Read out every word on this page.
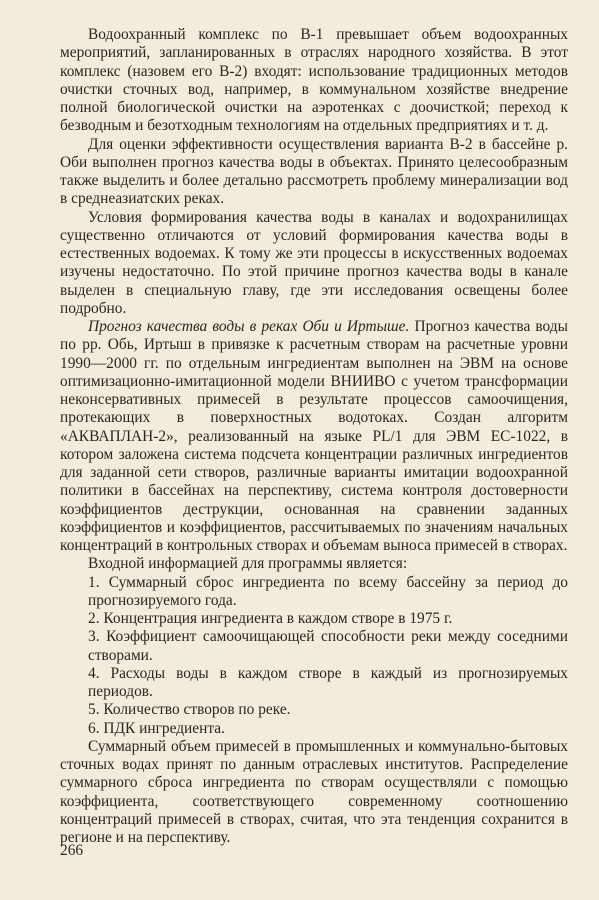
Водоохранный комплекс по В-1 превышает объем водоохранных мероприятий, запланированных в отраслях народного хозяйства. В этот комплекс (назовем его В-2) входят: использование традиционных методов очистки сточных вод, например, в коммунальном хозяйстве внедрение полной биологической очистки на аэротенках с доочисткой; переход к безводным и безотходным технологиям на отдельных предприятиях и т. д.

Для оценки эффективности осуществления варианта В-2 в бассейне р. Оби выполнен прогноз качества воды в объектах. Принято целесообразным также выделить и более детально рассмотреть проблему минерализации вод в среднеазиатских реках.

Условия формирования качества воды в каналах и водохранилищах существенно отличаются от условий формирования качества воды в естественных водоемах. К тому же эти процессы в искусственных водоемах изучены недостаточно. По этой причине прогноз качества воды в канале выделен в специальную главу, где эти исследования освещены более подробно.

Прогноз качества воды в реках Оби и Иртыше. Прогноз качества воды по рр. Обь, Иртыш в привязке к расчетным створам на расчетные уровни 1990—2000 гг. по отдельным ингредиентам выполнен на ЭВМ на основе оптимизационно-имитационной модели ВНИИВО с учетом трансформации неконсервативных примесей в результате процессов самоочищения, протекающих в поверхностных водотоках. Создан алгоритм «АКВАПЛАН-2», реализованный на языке PL/1 для ЭВМ ЕС-1022, в котором заложена система подсчета концентрации различных ингредиентов для заданной сети створов, различные варианты имитации водоохранной политики в бассейнах на перспективу, система контроля достоверности коэффициентов деструкции, основанная на сравнении заданных коэффициентов и коэффициентов, рассчитываемых по значениям начальных концентраций в контрольных створах и объемам выноса примесей в створах.

Входной информацией для программы является:

1. Суммарный сброс ингредиента по всему бассейну за период до прогнозируемого года.

2. Концентрация ингредиента в каждом створе в 1975 г.

3. Коэффициент самоочищающей способности реки между соседними створами.

4. Расходы воды в каждом створе в каждый из прогнозируемых периодов.

5. Количество створов по реке.

6. ПДК ингредиента.

Суммарный объем примесей в промышленных и коммунально-бытовых сточных водах принят по данным отраслевых институтов. Распределение суммарного сброса ингредиента по створам осуществляли с помощью коэффициента, соответствующего современному соотношению концентраций примесей в створах, считая, что эта тенденция сохранится в регионе и на перспективу.

266
